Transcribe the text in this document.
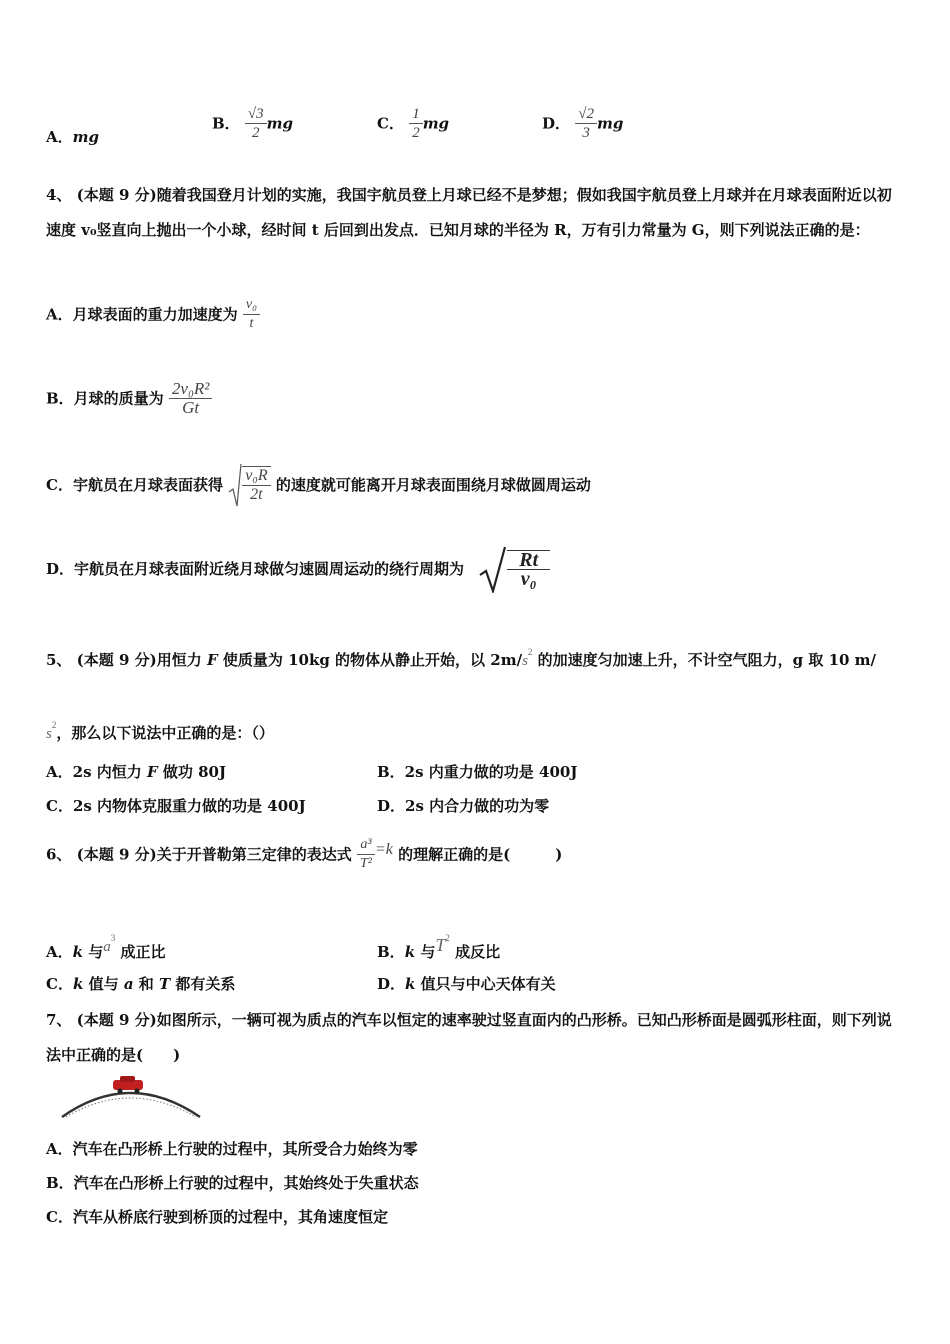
A．mg
B． $\frac{√3}{2}$ mg	C． $\frac{1}{2}$ mg	D． $\frac{√2}{3}$ mg
4、 (本题 9 分)随着我国登月计划的实施，我国宇航员登上月球已经不是梦想；假如我国宇航员登上月球并在月球表面附近以初速度 v₀竖直向上抛出一个小球，经时间 t 后回到出发点．已知月球的半径为 R，万有引力常量为 G，则下列说法正确的是：
A．月球表面的重力加速度为 $\frac{\text{v₀}}{t}$
B．月球的质量为 $\frac{\text{2v₀R²}}{Gt}$
C．宇航员在月球表面获得 $\frac{\text{v₀R}}{2t}$ 的速度就可能离开月球表面围绕月球做圆周运动
D．宇航员在月球表面附近绕月球做匀速圆周运动的绕行周期为 $\frac{Rt}{\text{v₀}}$
5、 (本题 9 分)用恒力 F 使质量为 10kg 的物体从静止开始，以 $2m/s^2$ 的加速度匀加速上升，不计空气阻力，g 取 10 m/
$s^2$，那么以下说法中正确的是：（）
A．2s 内恒力 F 做功 80J	B．2s 内重力做的功是 400J
C．2s 内物体克服重力做的功是 400J	D．2s 内合力做的功为零
6、 (本题 9 分)关于开普勒第三定律的表达式 $\frac{\text{a³}}{\text{T²}} =k$ 的理解正确的是(　　　)
A．k 与$a^3$ 成正比	B．k 与$T^2$ 成反比
C．k 值与 a 和 T 都有关系	D．k 值只与中心天体有关
7、 (本题 9 分)如图所示，一辆可视为质点的汽车以恒定的速率驶过竖直面内的凸形桥。已知凸形桥面是圆弧形柱面，则下列说法中正确的是(　　)
A．汽车在凸形桥上行驶的过程中，其所受合力始终为零
B．汽车在凸形桥上行驶的过程中，其始终处于失重状态
C．汽车从桥底行驶到桥顶的过程中，其角速度恒定
